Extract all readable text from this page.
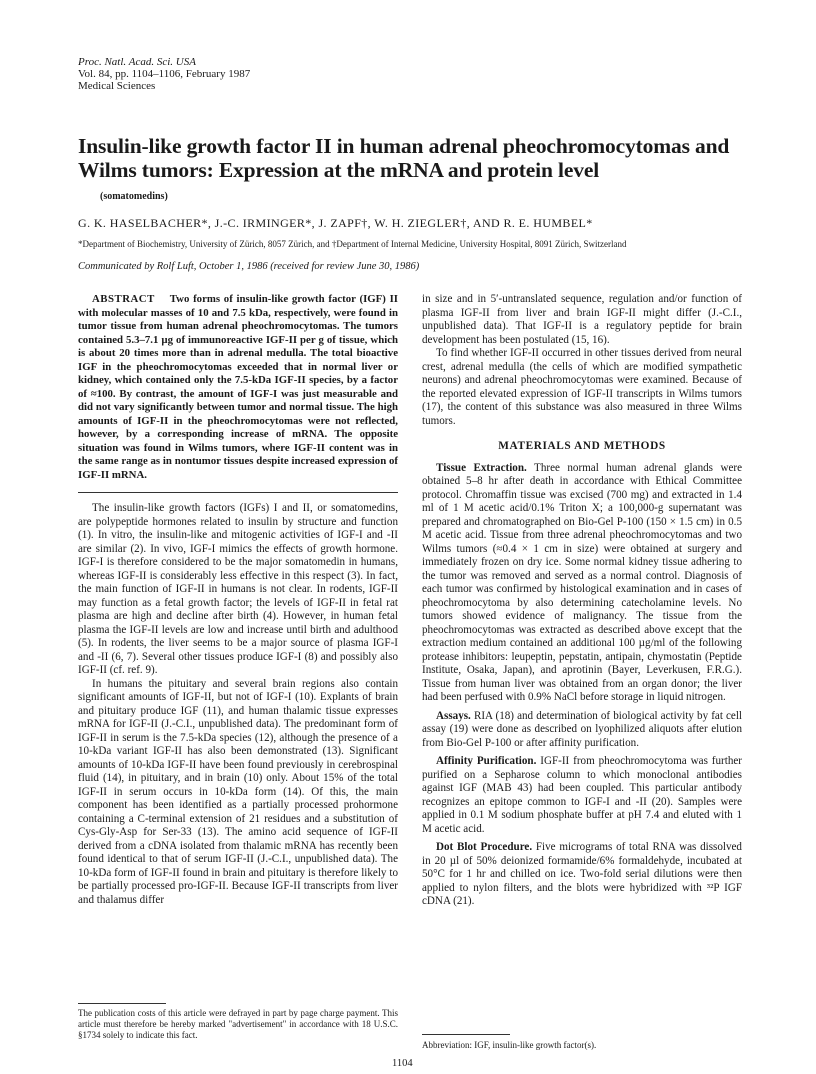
Proc. Natl. Acad. Sci. USA
Vol. 84, pp. 1104–1106, February 1987
Medical Sciences
Insulin-like growth factor II in human adrenal pheochromocytomas and Wilms tumors: Expression at the mRNA and protein level
(somatomedins)
G. K. HASELBACHER*, J.-C. IRMINGER*, J. ZAPF†, W. H. ZIEGLER†, AND R. E. HUMBEL*
*Department of Biochemistry, University of Zürich, 8057 Zürich, and †Department of Internal Medicine, University Hospital, 8091 Zürich, Switzerland
Communicated by Rolf Luft, October 1, 1986 (received for review June 30, 1986)

ABSTRACT Two forms of insulin-like growth factor (IGF) II with molecular masses of 10 and 7.5 kDa, respectively, were found in tumor tissue from human adrenal pheochromocytomas. The tumors contained 5.3–7.1 µg of immunoreactive IGF-II per g of tissue, which is about 20 times more than in adrenal medulla. The total bioactive IGF in the pheochromocytomas exceeded that in normal liver or kidney, which contained only the 7.5-kDa IGF-II species, by a factor of ≈100. By contrast, the amount of IGF-I was just measurable and did not vary significantly between tumor and normal tissue. The high amounts of IGF-II in the pheochromocytomas were not reflected, however, by a corresponding increase of mRNA. The opposite situation was found in Wilms tumors, where IGF-II content was in the same range as in nontumor tissues despite increased expression of IGF-II mRNA.

The insulin-like growth factors (IGFs) I and II, or somatomedins, are polypeptide hormones related to insulin by structure and function (1). In vitro, the insulin-like and mitogenic activities of IGF-I and -II are similar (2). In vivo, IGF-I mimics the effects of growth hormone. IGF-I is therefore considered to be the major somatomedin in humans, whereas IGF-II is considerably less effective in this respect (3). In fact, the main function of IGF-II in humans is not clear. In rodents, IGF-II may function as a fetal growth factor; the levels of IGF-II in fetal rat plasma are high and decline after birth (4). However, in human fetal plasma the IGF-II levels are low and increase until birth and adulthood (5). In rodents, the liver seems to be a major source of plasma IGF-I and -II (6, 7). Several other tissues produce IGF-I (8) and possibly also IGF-II (cf. ref. 9).

In humans the pituitary and several brain regions also contain significant amounts of IGF-II, but not of IGF-I (10). Explants of brain and pituitary produce IGF (11), and human thalamic tissue expresses mRNA for IGF-II (J.-C.I., unpublished data). The predominant form of IGF-II in serum is the 7.5-kDa species (12), although the presence of a 10-kDa variant IGF-II has also been demonstrated (13). Significant amounts of 10-kDa IGF-II have been found previously in cerebrospinal fluid (14), in pituitary, and in brain (10) only. About 15% of the total IGF-II in serum occurs in 10-kDa form (14). Of this, the main component has been identified as a partially processed prohormone containing a C-terminal extension of 21 residues and a substitution of Cys-Gly-Asp for Ser-33 (13). The amino acid sequence of IGF-II derived from a cDNA isolated from thalamic mRNA has recently been found identical to that of serum IGF-II (J.-C.I., unpublished data). The 10-kDa form of IGF-II found in brain and pituitary is therefore likely to be partially processed pro-IGF-II. Because IGF-II transcripts from liver and thalamus differ

in size and in 5′-untranslated sequence, regulation and/or function of plasma IGF-II from liver and brain IGF-II might differ (J.-C.I., unpublished data). That IGF-II is a regulatory peptide for brain development has been postulated (15, 16).

To find whether IGF-II occurred in other tissues derived from neural crest, adrenal medulla (the cells of which are modified sympathetic neurons) and adrenal pheochromocytomas were examined. Because of the reported elevated expression of IGF-II transcripts in Wilms tumors (17), the content of this substance was also measured in three Wilms tumors.

MATERIALS AND METHODS

Tissue Extraction. Three normal human adrenal glands were obtained 5–8 hr after death in accordance with Ethical Committee protocol. Chromaffin tissue was excised (700 mg) and extracted in 1.4 ml of 1 M acetic acid/0.1% Triton X; a 100,000-g supernatant was prepared and chromatographed on Bio-Gel P-100 (150 × 1.5 cm) in 0.5 M acetic acid. Tissue from three adrenal pheochromocytomas and two Wilms tumors (≈0.4 × 1 cm in size) were obtained at surgery and immediately frozen on dry ice. Some normal kidney tissue adhering to the tumor was removed and served as a normal control. Diagnosis of each tumor was confirmed by histological examination and in cases of pheochromocytoma by also determining catecholamine levels. No tumors showed evidence of malignancy. The tissue from the pheochromocytomas was extracted as described above except that the extraction medium contained an additional 100 µg/ml of the following protease inhibitors: leupeptin, pepstatin, antipain, chymostatin (Peptide Institute, Osaka, Japan), and aprotinin (Bayer, Leverkusen, F.R.G.). Tissue from human liver was obtained from an organ donor; the liver had been perfused with 0.9% NaCl before storage in liquid nitrogen.

Assays. RIA (18) and determination of biological activity by fat cell assay (19) were done as described on lyophilized aliquots after elution from Bio-Gel P-100 or after affinity purification.

Affinity Purification. IGF-II from pheochromocytoma was further purified on a Sepharose column to which monoclonal antibodies against IGF (MAB 43) had been coupled. This particular antibody recognizes an epitope common to IGF-I and -II (20). Samples were applied in 0.1 M sodium phosphate buffer at pH 7.4 and eluted with 1 M acetic acid.

Dot Blot Procedure. Five micrograms of total RNA was dissolved in 20 µl of 50% deionized formamide/6% formaldehyde, incubated at 50°C for 1 hr and chilled on ice. Two-fold serial dilutions were then applied to nylon filters, and the blots were hybridized with ³²P IGF cDNA (21).

The publication costs of this article were defrayed in part by page charge payment. This article must therefore be hereby marked "advertisement" in accordance with 18 U.S.C. §1734 solely to indicate this fact.
Abbreviation: IGF, insulin-like growth factor(s).
1104
